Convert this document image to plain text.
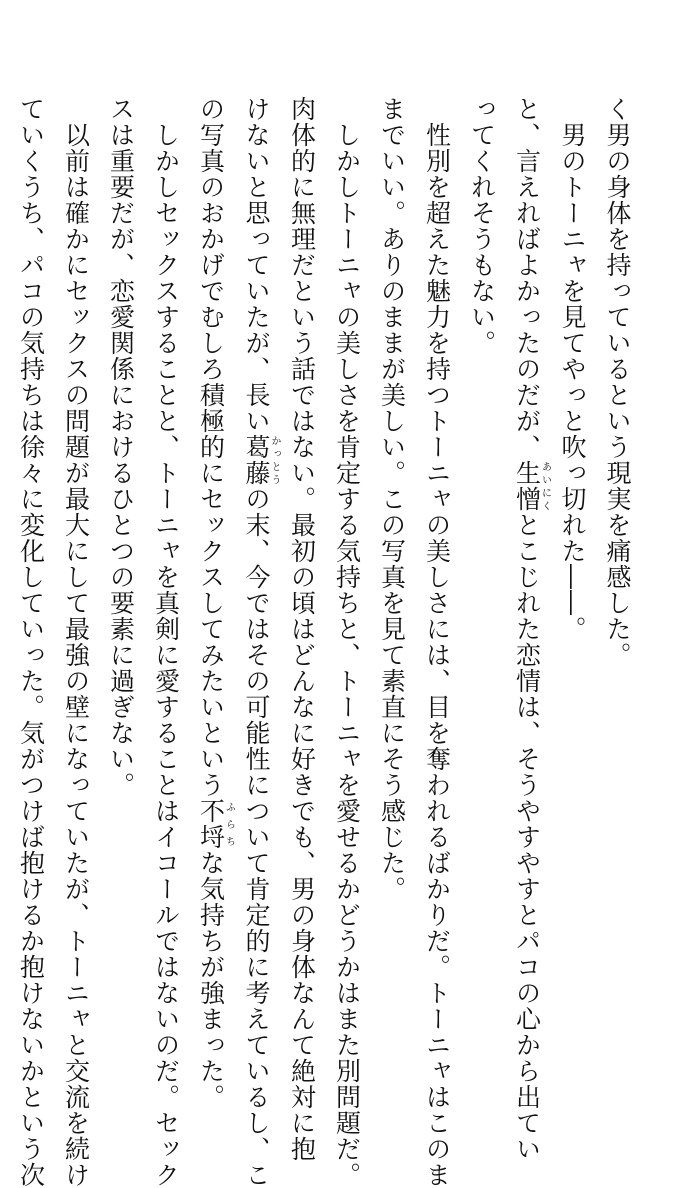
く男の身体を持っているという現実を痛感した。

　男のトーニャを見てやっと吹っ切れた――。

と、言えればよかったのだが、生憎あいにくとこじれた恋情は、そうやすやすとパコの心から出てい

ってくれそうもない。

　性別を超えた魅力を持つトーニャの美しさには、目を奪われるばかりだ。トーニャはこのま

までいい。ありのままが美しい。この写真を見て素直にそう感じた。

　しかしトーニャの美しさを肯定する気持ちと、トーニャを愛せるかどうかはまた別問題だ。

肉体的に無理だという話ではない。最初の頃はどんなに好きでも、男の身体なんて絶対に抱

けないと思っていたが、長い葛藤かっとうの末、今ではその可能性について肯定的に考えているし、こ

の写真のおかげでむしろ積極的にセックスしてみたいという不埒ふらちな気持ちが強まった。

　しかしセックスすることと、トーニャを真剣に愛することはイコールではないのだ。セック

スは重要だが、恋愛関係におけるひとつの要素に過ぎない。

　以前は確かにセックスの問題が最大にして最強の壁になっていたが、トーニャと交流を続け

ていくうち、パコの気持ちは徐々に変化していった。気がつけば抱けるか抱けないかという次
